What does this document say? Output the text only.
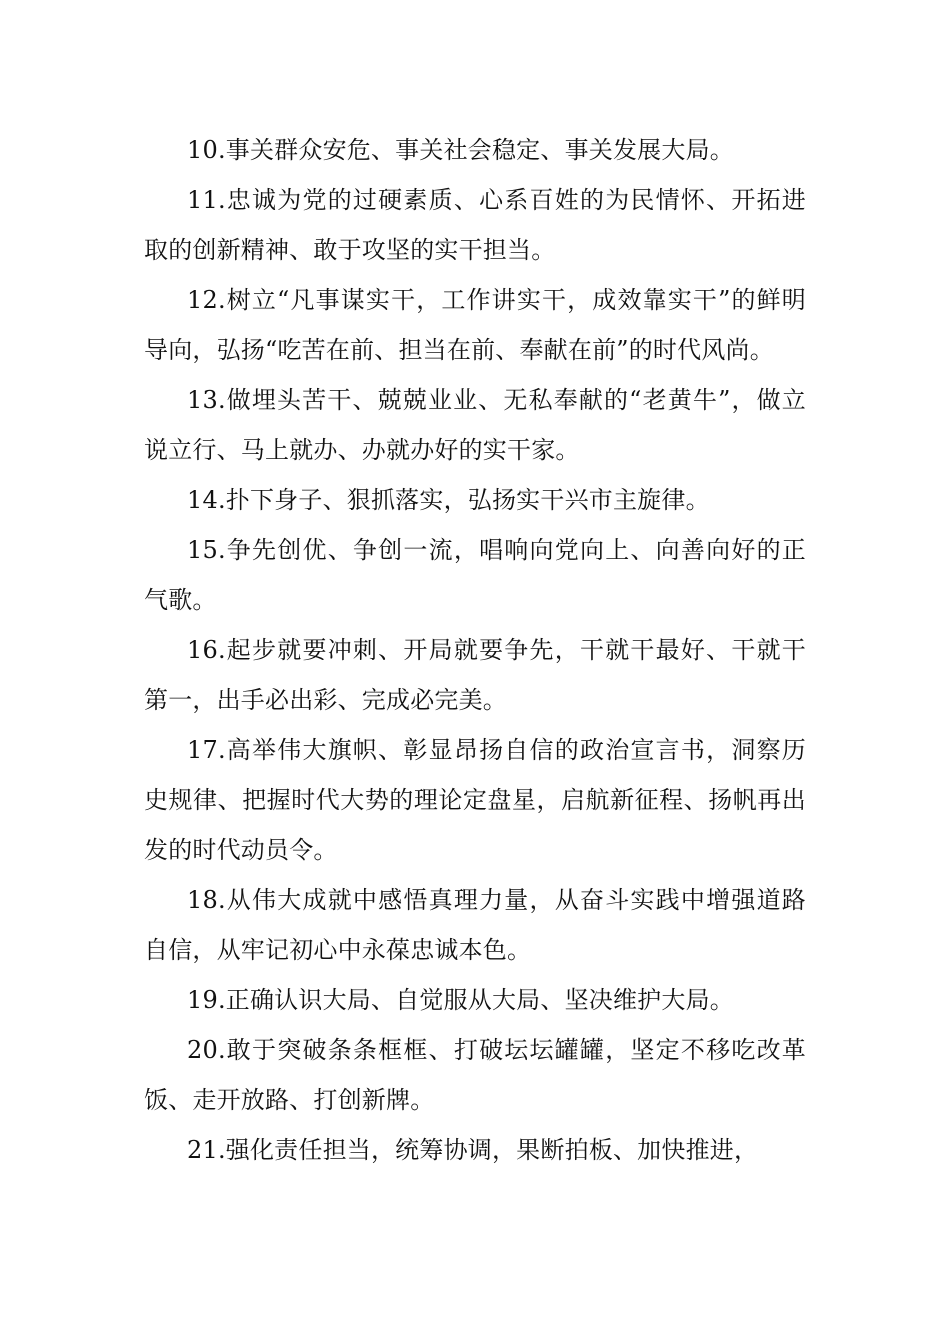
10.事关群众安危、事关社会稳定、事关发展大局。

11.忠诚为党的过硬素质、心系百姓的为民情怀、开拓进取的创新精神、敢于攻坚的实干担当。

12.树立“凡事谋实干，工作讲实干，成效靠实干”的鲜明导向，弘扬“吃苦在前、担当在前、奉献在前”的时代风尚。

13.做埋头苦干、兢兢业业、无私奉献的“老黄牛”，做立说立行、马上就办、办就办好的实干家。

14.扑下身子、狠抓落实，弘扬实干兴市主旋律。

15.争先创优、争创一流，唱响向党向上、向善向好的正气歌。

16.起步就要冲刺、开局就要争先，干就干最好、干就干第一，出手必出彩、完成必完美。

17.高举伟大旗帜、彰显昂扬自信的政治宣言书，洞察历史规律、把握时代大势的理论定盘星，启航新征程、扬帆再出发的时代动员令。

18.从伟大成就中感悟真理力量，从奋斗实践中增强道路自信，从牢记初心中永葆忠诚本色。

19.正确认识大局、自觉服从大局、坚决维护大局。

20.敢于突破条条框框、打破坛坛罐罐，坚定不移吃改革饭、走开放路、打创新牌。

21.强化责任担当，统筹协调，果断拍板、加快推进，
